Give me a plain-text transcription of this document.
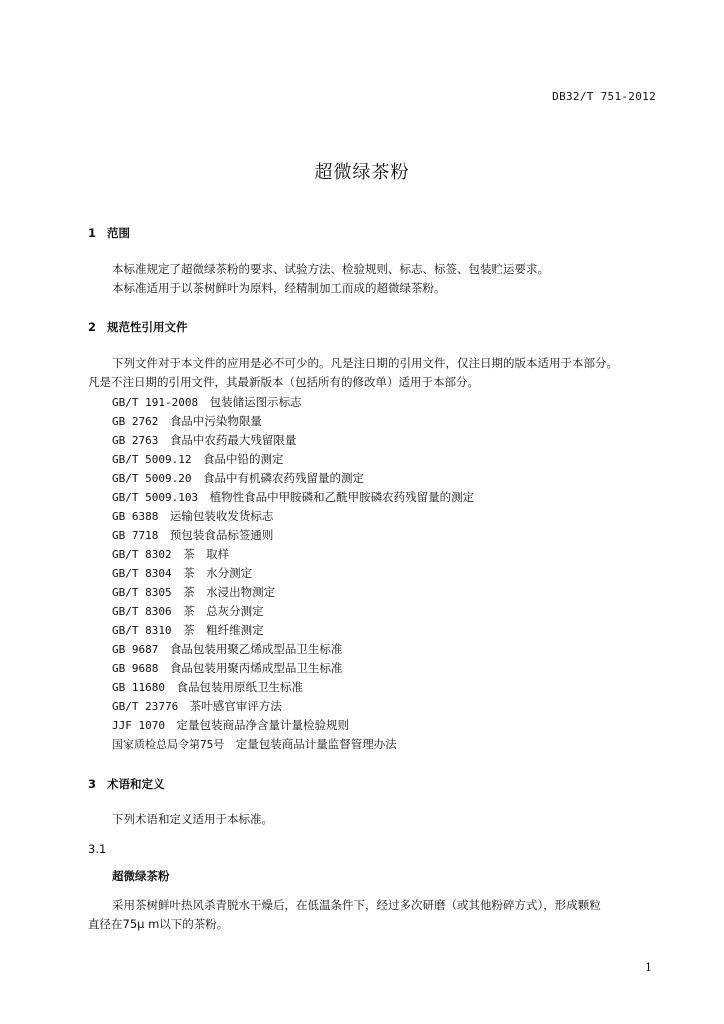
DB32/T 751-2012
超微绿茶粉
1 范围
本标准规定了超微绿茶粉的要求、试验方法、检验规则、标志、标签、包装贮运要求。
本标准适用于以茶树鲜叶为原料，经精制加工而成的超微绿茶粉。
2 规范性引用文件
下列文件对于本文件的应用是必不可少的。凡是注日期的引用文件，仅注日期的版本适用于本部分。
凡是不注日期的引用文件，其最新版本（包括所有的修改单）适用于本部分。
GB/T 191-2008　 包装储运图示标志
GB 2762　 食品中污染物限量
GB 2763　 食品中农药最大残留限量
GB/T 5009.12　 食品中铅的测定
GB/T 5009.20　 食品中有机磷农药残留量的测定
GB/T 5009.103　 植物性食品中甲胺磷和乙酰甲胺磷农药残留量的测定
GB 6388　 运输包装收发货标志
GB 7718　 预包装食品标签通则
GB/T 8302　 茶　取样
GB/T 8304　 茶　水分测定
GB/T 8305　 茶　水浸出物测定
GB/T 8306　 茶　总灰分测定
GB/T 8310　 茶　粗纤维测定
GB 9687　 食品包装用聚乙烯成型品卫生标准
GB 9688　 食品包装用聚丙烯成型品卫生标准
GB 11680　 食品包装用原纸卫生标准
GB/T 23776　 茶叶感官审评方法
JJF 1070　 定量包装商品净含量计量检验规则
国家质检总局令第75号　 定量包装商品计量监督管理办法
3 术语和定义
下列术语和定义适用于本标准。
3.1
超微绿茶粉
采用茶树鲜叶热风杀青脱水干燥后，在低温条件下，经过多次研磨（或其他粉碎方式），形成颗粒
直径在75μ m以下的茶粉。
1
